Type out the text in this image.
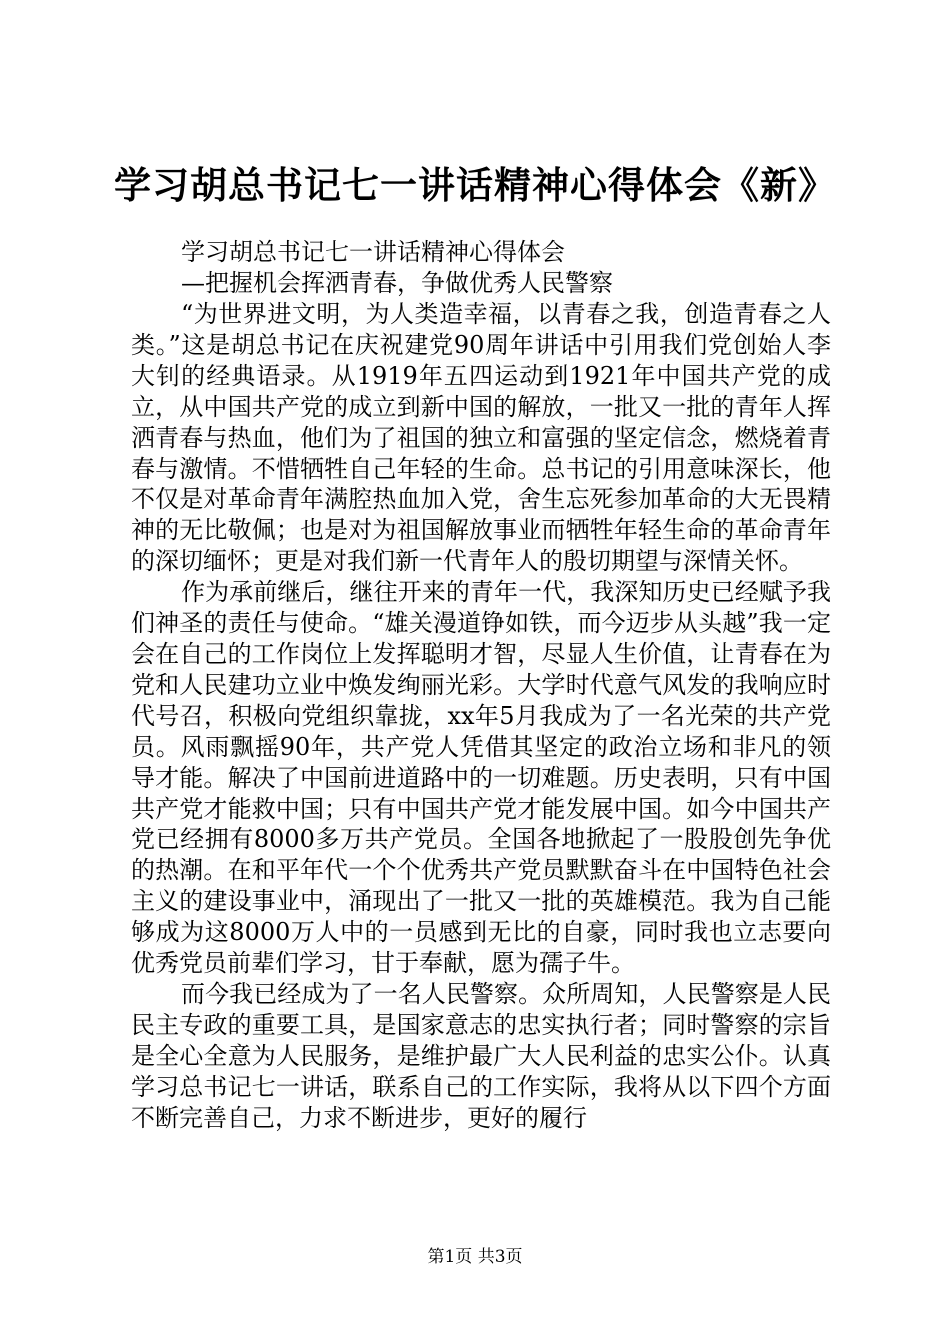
学习胡总书记七一讲话精神心得体会《新》
学习胡总书记七一讲话精神心得体会
—把握机会挥洒青春，争做优秀人民警察

“为世界进文明，为人类造幸福，以青春之我，创造青春之人类。”这是胡总书记在庆祝建党90周年讲话中引用我们党创始人李大钊的经典语录。从1919年五四运动到1921年中国共产党的成立，从中国共产党的成立到新中国的解放，一批又一批的青年人挥洒青春与热血，他们为了祖国的独立和富强的坚定信念，燃烧着青春与激情。不惜牺牲自己年轻的生命。总书记的引用意味深长，他不仅是对革命青年满腔热血加入党，舍生忘死参加革命的大无畏精神的无比敬佩；也是对为祖国解放事业而牺牲年轻生命的革命青年的深切缅怀；更是对我们新一代青年人的殷切期望与深情关怀。

作为承前继后，继往开来的青年一代，我深知历史已经赋予我们神圣的责任与使命。“雄关漫道铮如铁，而今迈步从头越”我一定会在自己的工作岗位上发挥聪明才智，尽显人生价值，让青春在为党和人民建功立业中焕发绚丽光彩。大学时代意气风发的我响应时代号召，积极向党组织靠拢，xx年5月我成为了一名光荣的共产党员。风雨飘摇90年，共产党人凭借其坚定的政治立场和非凡的领导才能。解决了中国前进道路中的一切难题。历史表明，只有中国共产党才能救中国；只有中国共产党才能发展中国。如今中国共产党已经拥有8000多万共产党员。全国各地掀起了一股股创先争优的热潮。在和平年代一个个优秀共产党员默默奋斗在中国特色社会主义的建设事业中，涌现出了一批又一批的英雄模范。我为自己能够成为这8000万人中的一员感到无比的自豪，同时我也立志要向优秀党员前辈们学习，甘于奉献，愿为孺子牛。

而今我已经成为了一名人民警察。众所周知，人民警察是人民民主专政的重要工具，是国家意志的忠实执行者；同时警察的宗旨是全心全意为人民服务，是维护最广大人民利益的忠实公仆。认真学习总书记七一讲话，联系自己的工作实际，我将从以下四个方面不断完善自己，力求不断进步，更好的履行

第1页 共3页
